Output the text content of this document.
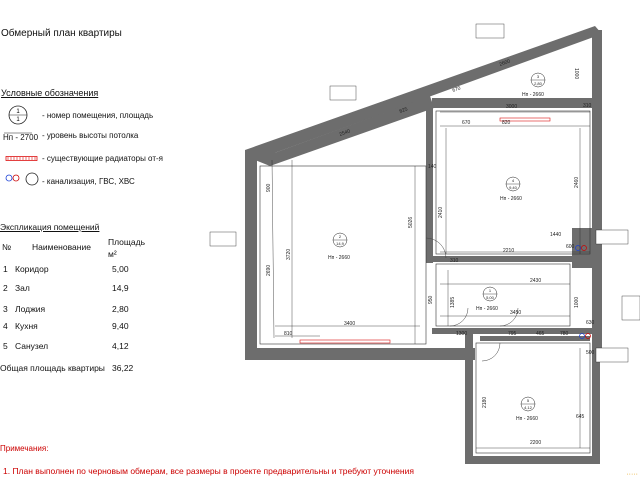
Обмерный план квартиры
Условные обозначения
1
1	- номер помещения, площадь
Hп - 2700 - уровень высоты потолка
- существующие радиаторы от-я
- канализация, ГВС, ХВС
Экспликация помещений
№ Наименование Площадь
м²
1 Коридор	5,00
2 Зал	14,9
3 Лоджия	2,80
4 Кухня	9,40
5 Санузел	4,12
Общая площадь квартиры 36,22
Примечания:
1. План выполнен по черновым обмерам, все размеры в проекте предварительны и требуют уточнения
2600
2540
3000
1000
670
825
310
670	820
2410
2460
140
310
2210
1440
600
5026
2690
3720
900
3400
810
2430
3450
1385	1000
1300	795	465	780
630
950
2200
2180
645
500
2
14,9
Hп - 2660
3
2,80
Hп - 2660
4
9,40
Hп - 2660
1
5,00
Hп - 2660
5
4,12
Hп - 2660
·····
